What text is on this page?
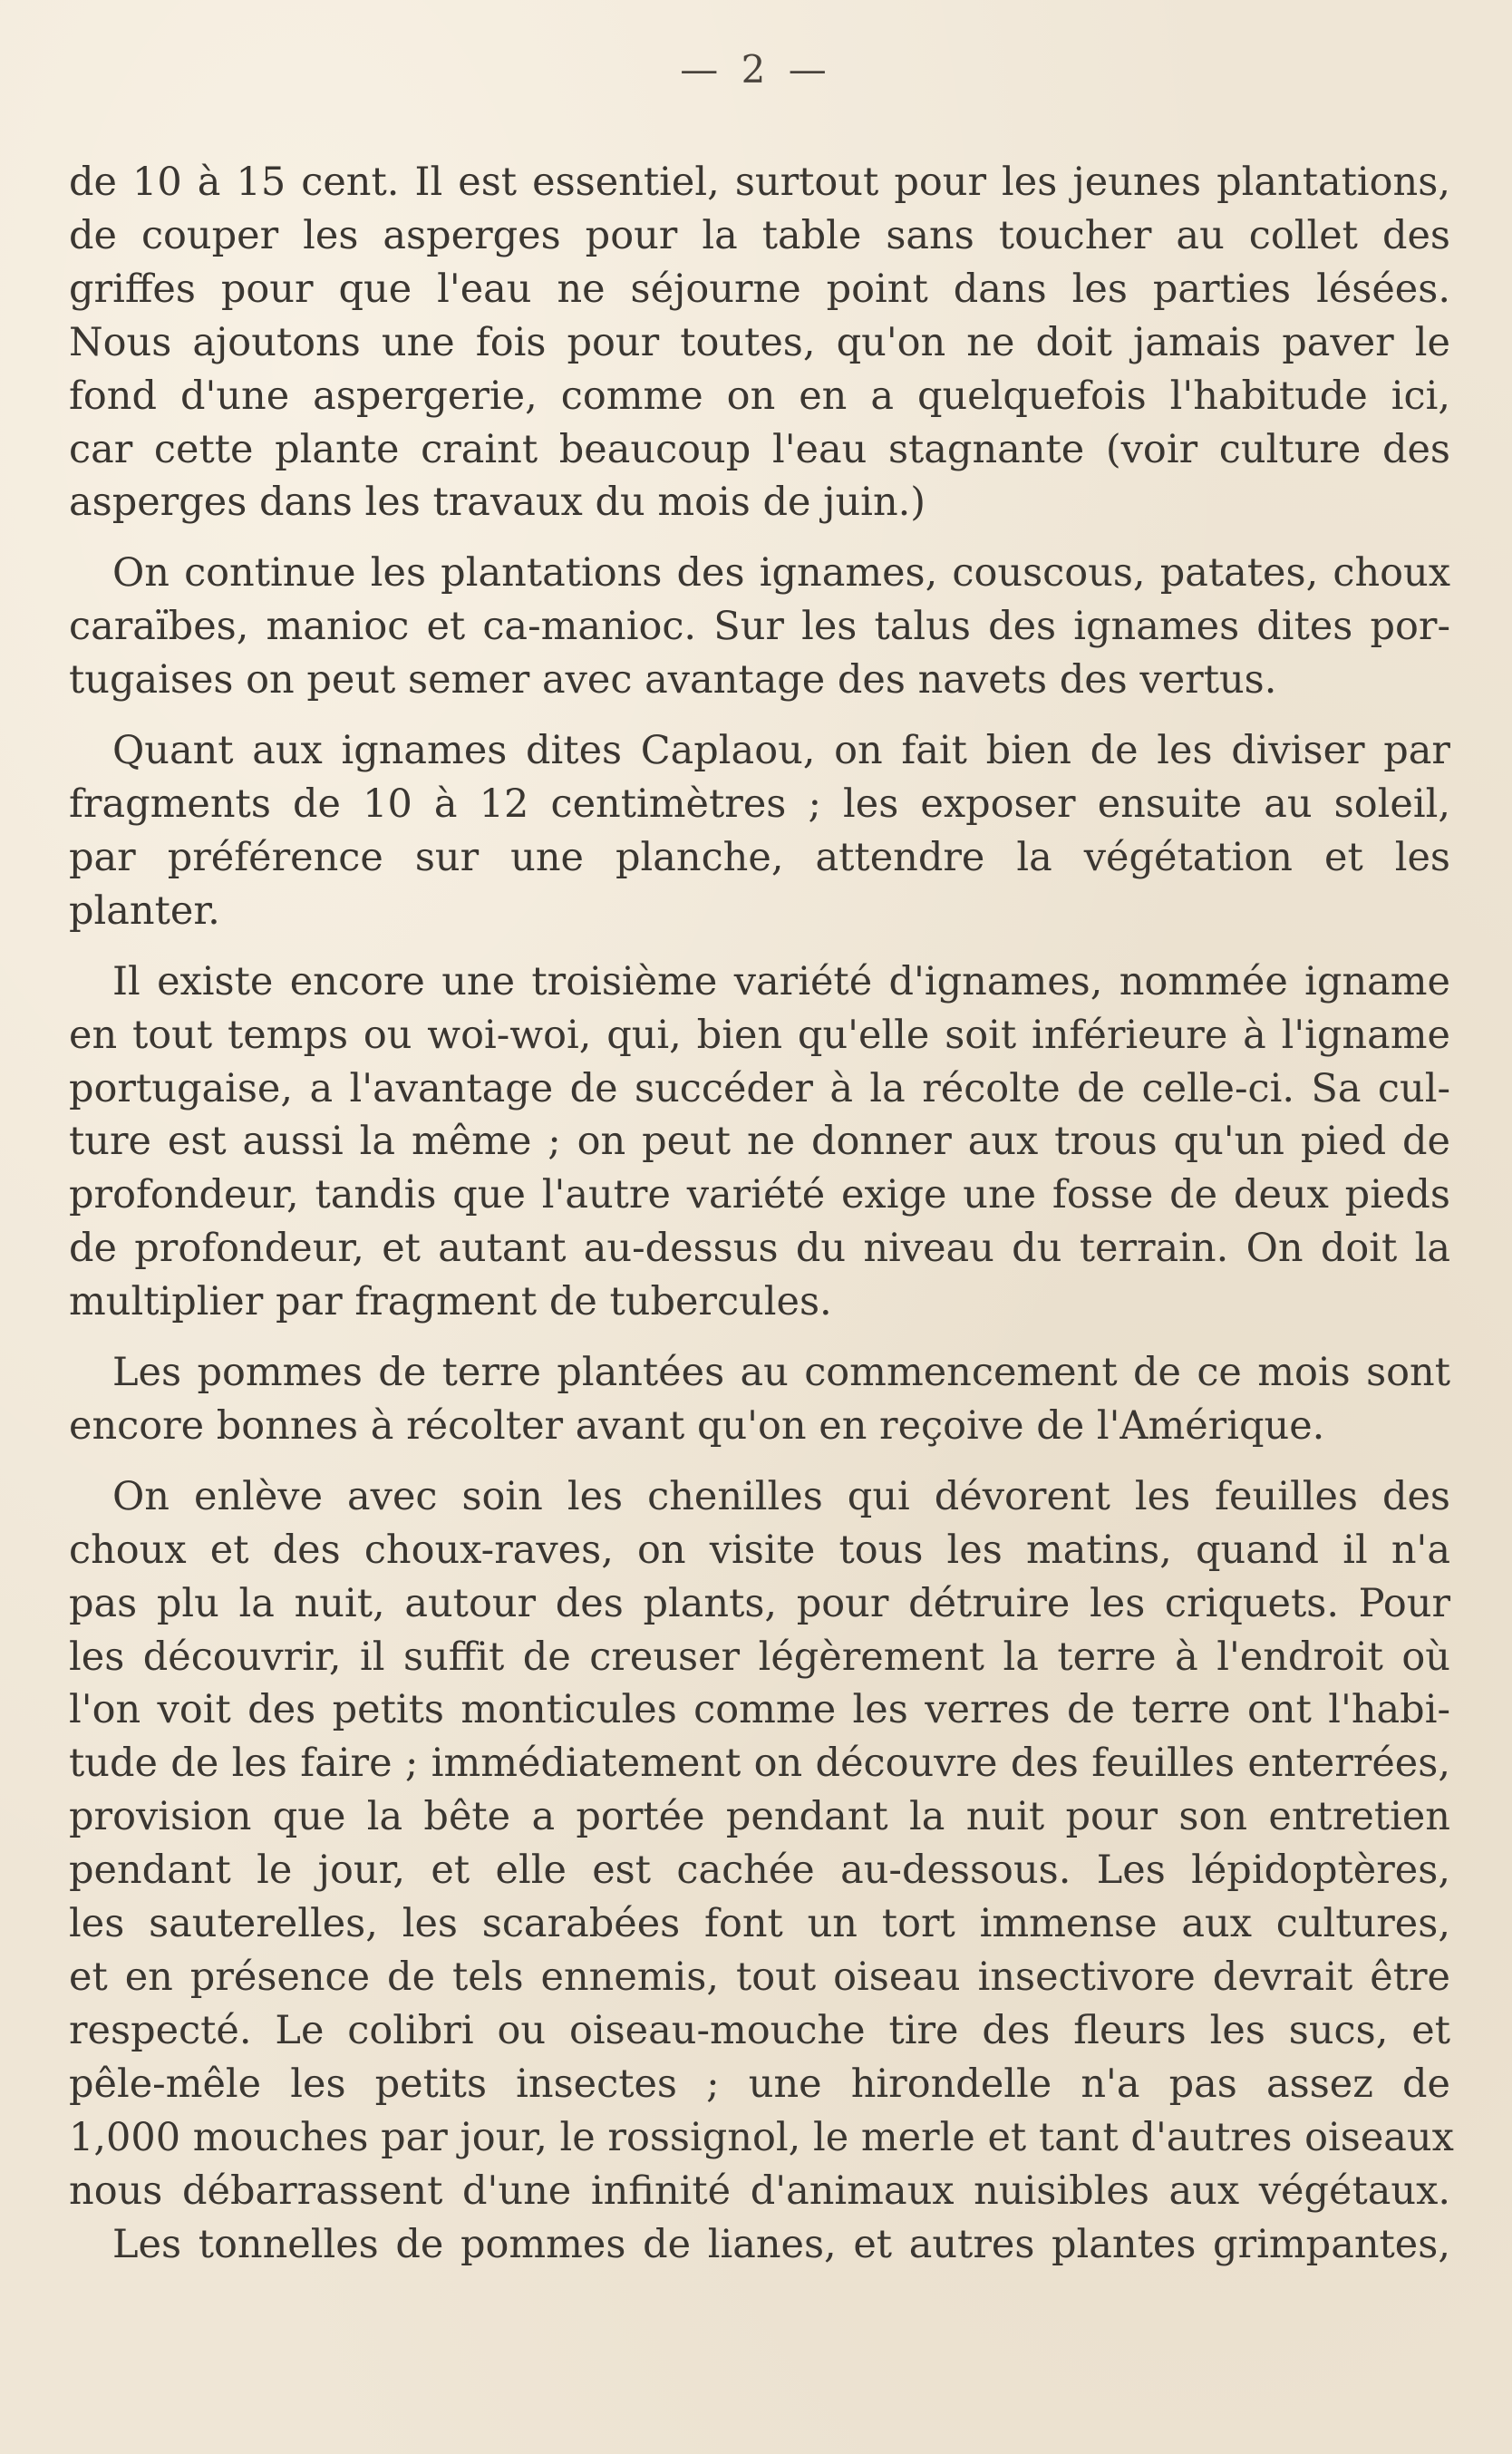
— 2 —

de 10 à 15 cent. Il est essentiel, surtout pour les jeunes plantations,
de couper les asperges pour la table sans toucher au collet des
griffes pour que l'eau ne séjourne point dans les parties lésées.
Nous ajoutons une fois pour toutes, qu'on ne doit jamais paver le
fond d'une aspergerie, comme on en a quelquefois l'habitude ici,
car cette plante craint beaucoup l'eau stagnante (voir culture des
asperges dans les travaux du mois de juin.)

On continue les plantations des ignames, couscous, patates, choux
caraïbes, manioc et ca-manioc. Sur les talus des ignames dites por-
tugaises on peut semer avec avantage des navets des vertus.

Quant aux ignames dites Caplaou, on fait bien de les diviser par
fragments de 10 à 12 centimètres ; les exposer ensuite au soleil,
par préférence sur une planche, attendre la végétation et les
planter.

Il existe encore une troisième variété d'ignames, nommée igname
en tout temps ou woi-woi, qui, bien qu'elle soit inférieure à l'igname
portugaise, a l'avantage de succéder à la récolte de celle-ci. Sa cul-
ture est aussi la même ; on peut ne donner aux trous qu'un pied de
profondeur, tandis que l'autre variété exige une fosse de deux pieds
de profondeur, et autant au-dessus du niveau du terrain. On doit la
multiplier par fragment de tubercules.

Les pommes de terre plantées au commencement de ce mois sont
encore bonnes à récolter avant qu'on en reçoive de l'Amérique.

On enlève avec soin les chenilles qui dévorent les feuilles des
choux et des choux-raves, on visite tous les matins, quand il n'a
pas plu la nuit, autour des plants, pour détruire les criquets. Pour
les découvrir, il suffit de creuser légèrement la terre à l'endroit où
l'on voit des petits monticules comme les verres de terre ont l'habi-
tude de les faire ; immédiatement on découvre des feuilles enterrées,
provision que la bête a portée pendant la nuit pour son entretien
pendant le jour, et elle est cachée au-dessous. Les lépidoptères,
les sauterelles, les scarabées font un tort immense aux cultures,
et en présence de tels ennemis, tout oiseau insectivore devrait être
respecté. Le colibri ou oiseau-mouche tire des fleurs les sucs, et
pêle-mêle les petits insectes ; une hirondelle n'a pas assez de
1,000 mouches par jour, le rossignol, le merle et tant d'autres oiseaux
nous débarrassent d'une infinité d'animaux nuisibles aux végétaux.
Les tonnelles de pommes de lianes, et autres plantes grimpantes,
